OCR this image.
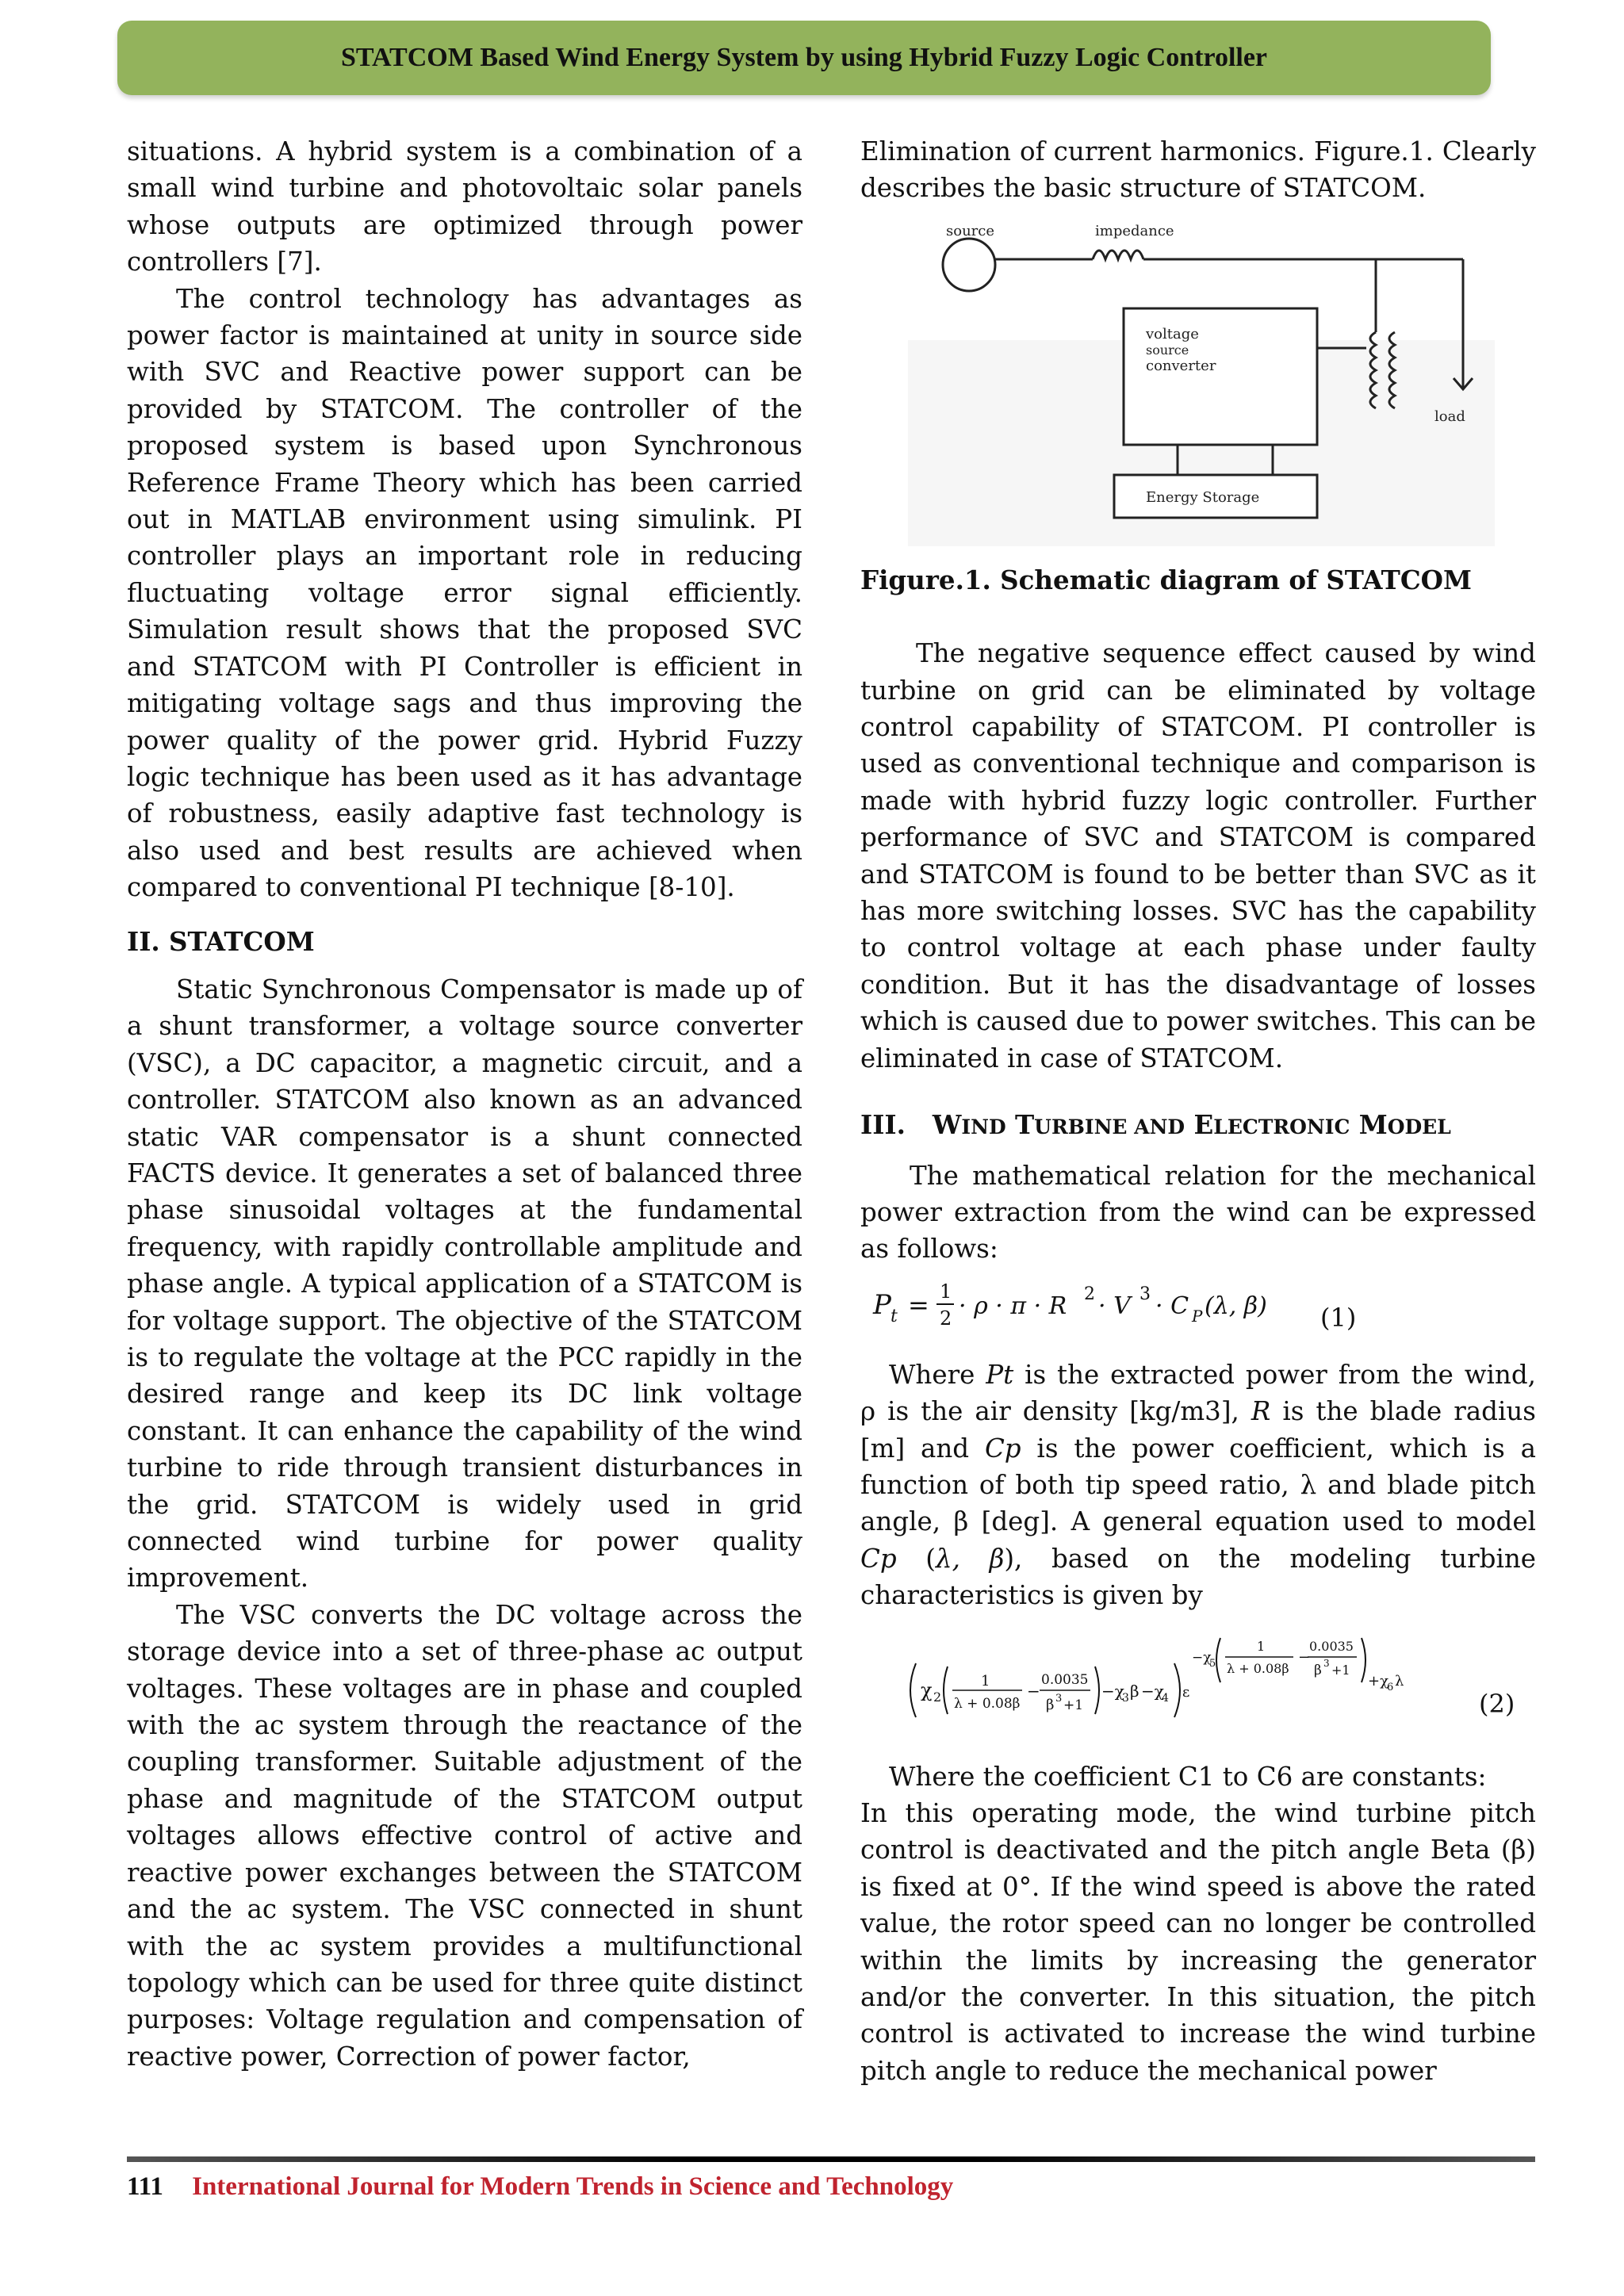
STATCOM Based Wind Energy System by using Hybrid Fuzzy Logic Controller

situations. A hybrid system is a combination of a small wind turbine and photovoltaic solar panels whose outputs are optimized through power controllers [7].

The control technology has advantages as power factor is maintained at unity in source side with SVC and Reactive power support can be provided by STATCOM. The controller of the proposed system is based upon Synchronous Reference Frame Theory which has been carried out in MATLAB environment using simulink. PI controller plays an important role in reducing fluctuating voltage error signal efficiently. Simulation result shows that the proposed SVC and STATCOM with PI Controller is efficient in mitigating voltage sags and thus improving the power quality of the power grid. Hybrid Fuzzy logic technique has been used as it has advantage of robustness, easily adaptive fast technology is also used and best results are achieved when compared to conventional PI technique [8-10].

II. STATCOM

Static Synchronous Compensator is made up of a shunt transformer, a voltage source converter (VSC), a DC capacitor, a magnetic circuit, and a controller. STATCOM also known as an advanced static VAR compensator is a shunt connected FACTS device. It generates a set of balanced three phase sinusoidal voltages at the fundamental frequency, with rapidly controllable amplitude and phase angle. A typical application of a STATCOM is for voltage support. The objective of the STATCOM is to regulate the voltage at the PCC rapidly in the desired range and keep its DC link voltage constant. It can enhance the capability of the wind turbine to ride through transient disturbances in the grid. STATCOM is widely used in grid connected wind turbine for power quality improvement.

The VSC converts the DC voltage across the storage device into a set of three-phase ac output voltages. These voltages are in phase and coupled with the ac system through the reactance of the coupling transformer. Suitable adjustment of the phase and magnitude of the STATCOM output voltages allows effective control of active and reactive power exchanges between the STATCOM and the ac system. The VSC connected in shunt with the ac system provides a multifunctional topology which can be used for three quite distinct purposes: Voltage regulation and compensation of reactive power, Correction of power factor,

Elimination of current harmonics. Figure.1. Clearly describes the basic structure of STATCOM.

source	impedance
load
voltage
source
converter
Energy Storage

Figure.1. Schematic diagram of STATCOM

The negative sequence effect caused by wind turbine on grid can be eliminated by voltage control capability of STATCOM. PI controller is used as conventional technique and comparison is made with hybrid fuzzy logic controller. Further performance of SVC and STATCOM is compared and STATCOM is found to be better than SVC as it has more switching losses. SVC has the capability to control voltage at each phase under faulty condition. But it has the disadvantage of losses which is caused due to power switches. This can be eliminated in case of STATCOM.

III. WIND TURBINE AND ELECTRONIC MODEL

The mathematical relation for the mechanical power extraction from the wind can be expressed as follows:

P t = 1
2 · ρ · π · R 2 · V 3 · C P (λ, β) (1)

Where Pt is the extracted power from the wind, ρ is the air density [kg/m3], R is the blade radius [m] and Cp is the power coefficient, which is a function of both tip speed ratio, λ and blade pitch angle, β [deg]. A general equation used to model Cp (λ, β), based on the modeling turbine characteristics is given by

χ 2
1
λ + 0.08β
−
0.0035
β 3 +1
−χ
3 β −χ
4 ε
−χ
5
1
λ + 0.08β
−
0.0035
β 3 +1
+χ
6 λ
(2)

Where the coefficient C1 to C6 are constants:

In this operating mode, the wind turbine pitch control is deactivated and the pitch angle Beta (β) is fixed at 0°. If the wind speed is above the rated value, the rotor speed can no longer be controlled within the limits by increasing the generator and/or the converter. In this situation, the pitch control is activated to increase the wind turbine pitch angle to reduce the mechanical power

111 International Journal for Modern Trends in Science and Technology
